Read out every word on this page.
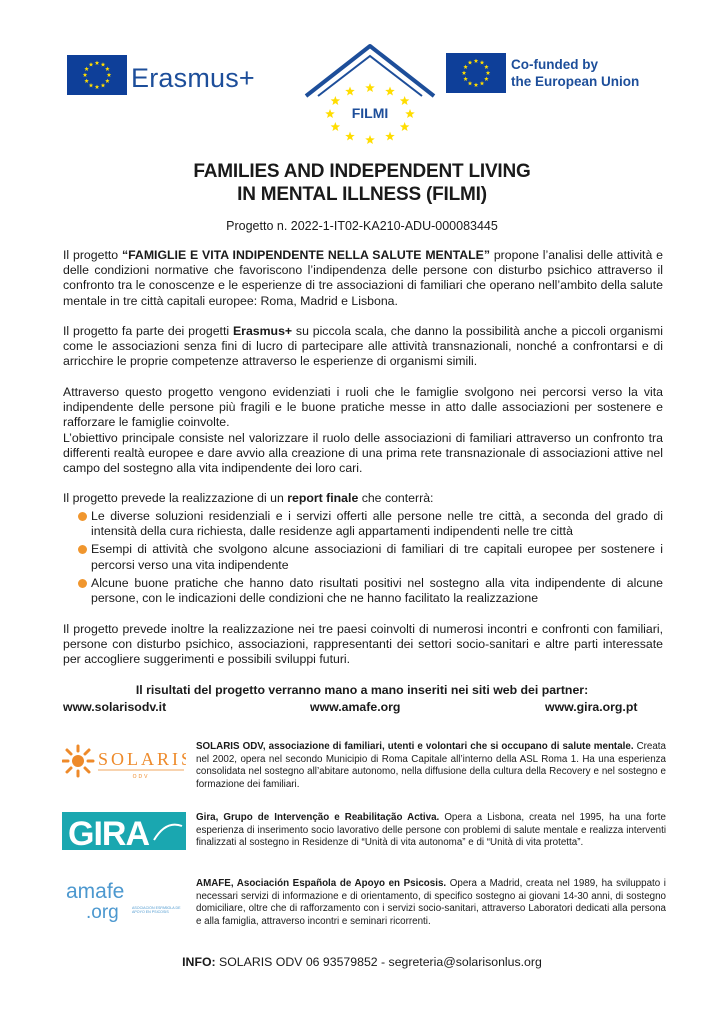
Erasmus+
FILMI
Co-funded by
the European Union
FAMILIES AND INDEPENDENT LIVING
IN MENTAL ILLNESS (FILMI)
Progetto n. 2022-1-IT02-KA210-ADU-000083445
Il progetto “FAMIGLIE E VITA INDIPENDENTE NELLA SALUTE MENTALE” propone l’analisi delle attività e delle condizioni normative che favoriscono l’indipendenza delle persone con disturbo psichico attraverso il confronto tra le conoscenze e le esperienze di tre associazioni di familiari che operano nell’ambito della salute mentale in tre città capitali europee: Roma, Madrid e Lisbona.
Il progetto fa parte dei progetti Erasmus+ su piccola scala, che danno la possibilità anche a piccoli organismi come le associazioni senza fini di lucro di partecipare alle attività transnazionali, nonché a confrontarsi e di arricchire le proprie competenze attraverso le esperienze di organismi simili.
Attraverso questo progetto vengono evidenziati i ruoli che le famiglie svolgono nei percorsi verso la vita indipendente delle persone più fragili e le buone pratiche messe in atto dalle associazioni per sostenere e rafforzare le famiglie coinvolte.
L’obiettivo principale consiste nel valorizzare il ruolo delle associazioni di familiari attraverso un confronto tra differenti realtà europee e dare avvio alla creazione di una prima rete transnazionale di associazioni attive nel campo del sostegno alla vita indipendente dei loro cari.
Il progetto prevede la realizzazione di un report finale che conterrà:
Le diverse soluzioni residenziali e i servizi offerti alle persone nelle tre città, a seconda del grado di intensità della cura richiesta, dalle residenze agli appartamenti indipendenti nelle tre città
Esempi di attività che svolgono alcune associazioni di familiari di tre capitali europee per sostenere i percorsi verso una vita indipendente
Alcune buone pratiche che hanno dato risultati positivi nel sostegno alla vita indipendente di alcune persone, con le indicazioni delle condizioni che ne hanno facilitato la realizzazione
Il progetto prevede inoltre la realizzazione nei tre paesi coinvolti di numerosi incontri e confronti con familiari, persone con disturbo psichico, associazioni, rappresentanti dei settori socio-sanitari e altre parti interessate per accogliere suggerimenti e possibili sviluppi futuri.
Il risultati del progetto verranno mano a mano inseriti nei siti web dei partner:
www.solarisodv.it	www.amafe.org	www.gira.org.pt
SOLARIS
ODV
SOLARIS ODV, associazione di familiari, utenti e volontari che si occupano di salute mentale. Creata nel 2002, opera nel secondo Municipio di Roma Capitale all’interno della ASL Roma 1. Ha una esperienza consolidata nel sostegno all’abitare autonomo, nella diffusione della cultura della Recovery e nel sostegno e formazione dei familiari.
GIRA	Gira, Grupo de Intervenção e Reabilitação Activa. Opera a Lisbona, creata nel 1995, ha una forte esperienza di inserimento socio lavorativo delle persone con problemi di salute mentale e realizza interventi finalizzati al sostegno in Residenze di “Unità di vita autonoma” e di “Unità di vita protetta”.
amafe
.org	ASOCIACIÓN ESPAÑOLA DE APOYO EN PSICOSIS
AMAFE, Asociación Española de Apoyo en Psicosis. Opera a Madrid, creata nel 1989, ha sviluppato i necessari servizi di informazione e di orientamento, di specifico sostegno ai giovani 14-30 anni, di sostegno domiciliare, oltre che di rafforzamento con i servizi socio-sanitari, attraverso Laboratori dedicati alla persona e alla famiglia, attraverso incontri e seminari ricorrenti.
INFO: SOLARIS ODV 06 93579852 - segreteria@solarisonlus.org
